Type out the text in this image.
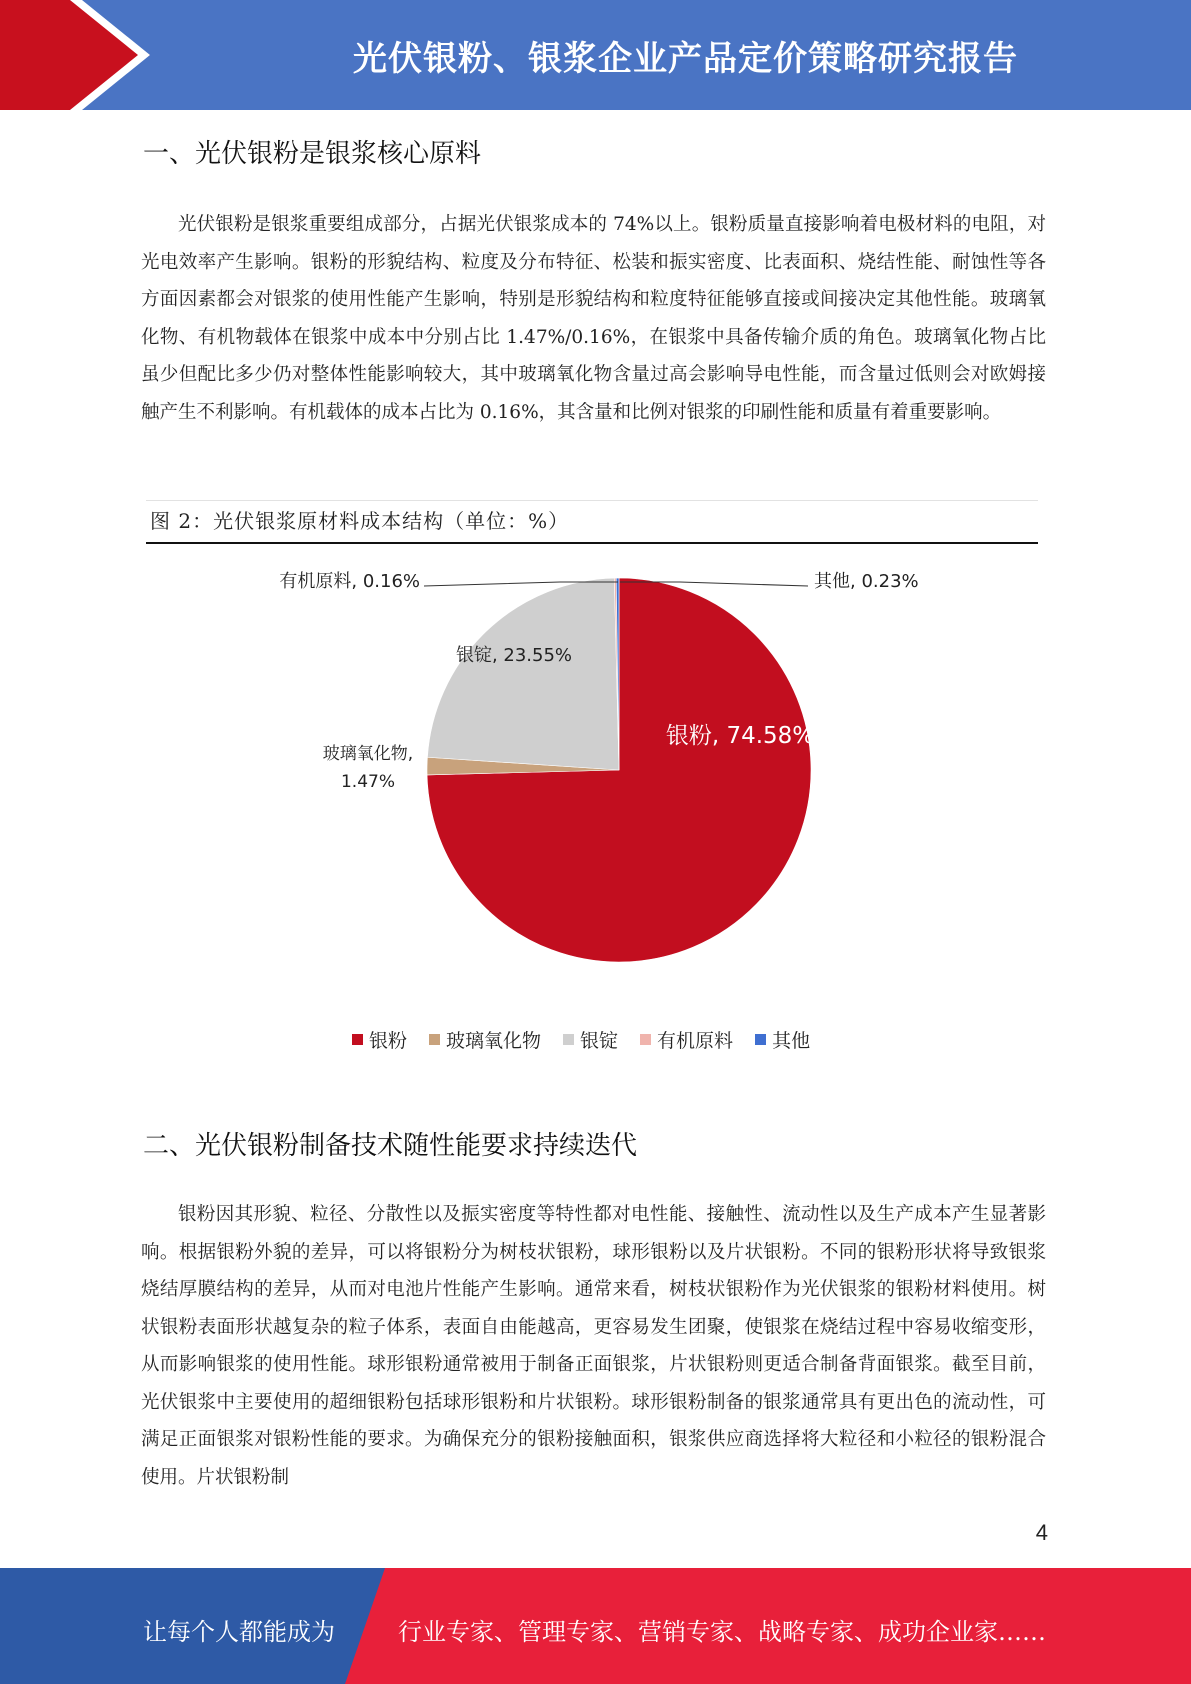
光伏银粉、银浆企业产品定价策略研究报告
一、光伏银粉是银浆核心原料

光伏银粉是银浆重要组成部分，占据光伏银浆成本的 74%以上。银粉质量直接影响着电极材料的电阻，对光电效率产生影响。银粉的形貌结构、粒度及分布特征、松装和振实密度、比表面积、烧结性能、耐蚀性等各方面因素都会对银浆的使用性能产生影响，特别是形貌结构和粒度特征能够直接或间接决定其他性能。玻璃氧化物、有机物载体在银浆中成本中分别占比 1.47%/0.16%，在银浆中具备传输介质的角色。玻璃氧化物占比虽少但配比多少仍对整体性能影响较大，其中玻璃氧化物含量过高会影响导电性能，而含量过低则会对欧姆接触产生不利影响。有机载体的成本占比为 0.16%，其含量和比例对银浆的印刷性能和质量有着重要影响。

图 2：光伏银浆原材料成本结构（单位：%）
有机原料, 0.16%	其他, 0.23%
银锭, 23.55%
玻璃氧化物,
1.47%
银粉, 74.58%
银粉 玻璃氧化物 银锭 有机原料 其他
二、光伏银粉制备技术随性能要求持续迭代

银粉因其形貌、粒径、分散性以及振实密度等特性都对电性能、接触性、流动性以及生产成本产生显著影响。根据银粉外貌的差异，可以将银粉分为树枝状银粉，球形银粉以及片状银粉。不同的银粉形状将导致银浆烧结厚膜结构的差异，从而对电池片性能产生影响。通常来看，树枝状银粉作为光伏银浆的银粉材料使用。树状银粉表面形状越复杂的粒子体系，表面自由能越高，更容易发生团聚，使银浆在烧结过程中容易收缩变形，从而影响银浆的使用性能。球形银粉通常被用于制备正面银浆，片状银粉则更适合制备背面银浆。截至目前，光伏银浆中主要使用的超细银粉包括球形银粉和片状银粉。球形银粉制备的银浆通常具有更出色的流动性，可满足正面银浆对银粉性能的要求。为确保充分的银粉接触面积，银浆供应商选择将大粒径和小粒径的银粉混合使用。片状银粉制

4
让每个人都能成为	行业专家、管理专家、营销专家、战略专家、成功企业家……
